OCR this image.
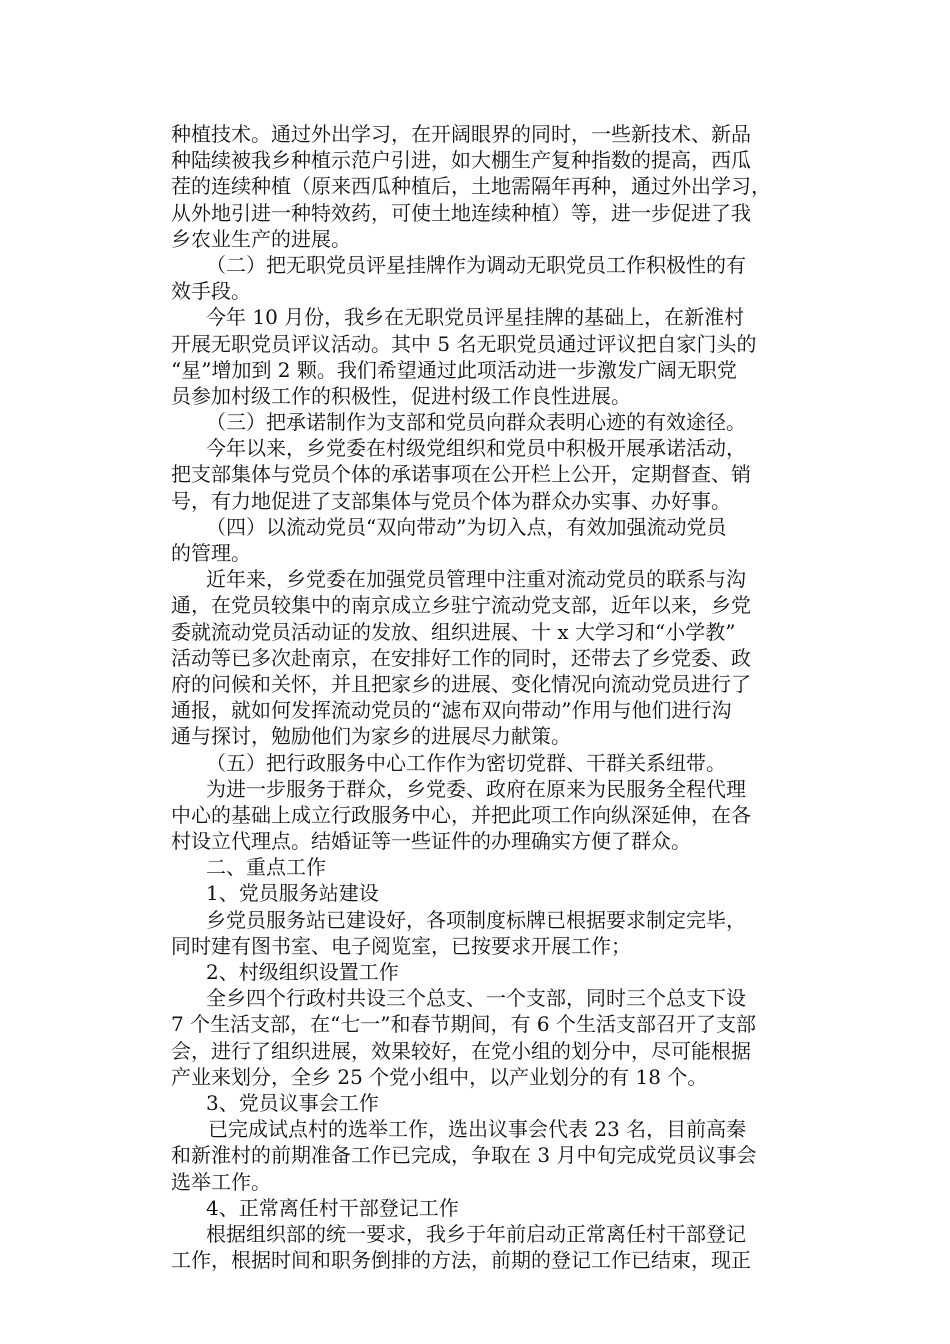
种植技术。通过外出学习，在开阔眼界的同时，一些新技术、新品
种陆续被我乡种植示范户引进，如大棚生产复种指数的提高，西瓜
茬的连续种植（原来西瓜种植后，土地需隔年再种，通过外出学习，
从外地引进一种特效药，可使土地连续种植）等，进一步促进了我
乡农业生产的进展。
（二）把无职党员评星挂牌作为调动无职党员工作积极性的有
效手段。
今年 10 月份，我乡在无职党员评星挂牌的基础上，在新淮村
开展无职党员评议活动。其中 5 名无职党员通过评议把自家门头的
“星”增加到 2 颗。我们希望通过此项活动进一步激发广阔无职党
员参加村级工作的积极性，促进村级工作良性进展。
（三）把承诺制作为支部和党员向群众表明心迹的有效途径。
今年以来，乡党委在村级党组织和党员中积极开展承诺活动，
把支部集体与党员个体的承诺事项在公开栏上公开，定期督查、销
号，有力地促进了支部集体与党员个体为群众办实事、办好事。
（四）以流动党员“双向带动”为切入点，有效加强流动党员
的管理。
近年来，乡党委在加强党员管理中注重对流动党员的联系与沟
通，在党员较集中的南京成立乡驻宁流动党支部，近年以来，乡党
委就流动党员活动证的发放、组织进展、十 x 大学习和“小学教”
活动等已多次赴南京，在安排好工作的同时，还带去了乡党委、政
府的问候和关怀，并且把家乡的进展、变化情况向流动党员进行了
通报，就如何发挥流动党员的“滤布双向带动”作用与他们进行沟
通与探讨，勉励他们为家乡的进展尽力献策。
（五）把行政服务中心工作作为密切党群、干群关系纽带。
为进一步服务于群众，乡党委、政府在原来为民服务全程代理
中心的基础上成立行政服务中心，并把此项工作向纵深延伸，在各
村设立代理点。结婚证等一些证件的办理确实方便了群众。
二、重点工作
1、党员服务站建设
乡党员服务站已建设好，各项制度标牌已根据要求制定完毕，
同时建有图书室、电子阅览室，已按要求开展工作；
2、村级组织设置工作
全乡四个行政村共设三个总支、一个支部，同时三个总支下设
7 个生活支部，在“七一”和春节期间，有 6 个生活支部召开了支部
会，进行了组织进展，效果较好，在党小组的划分中，尽可能根据
产业来划分，全乡 25 个党小组中，以产业划分的有 18 个。
3、党员议事会工作
已完成试点村的选举工作，选出议事会代表 23 名，目前高秦
和新淮村的前期准备工作已完成，争取在 3 月中旬完成党员议事会
选举工作。
4、正常离任村干部登记工作
根据组织部的统一要求，我乡于年前启动正常离任村干部登记
工作，根据时间和职务倒排的方法，前期的登记工作已结束，现正
